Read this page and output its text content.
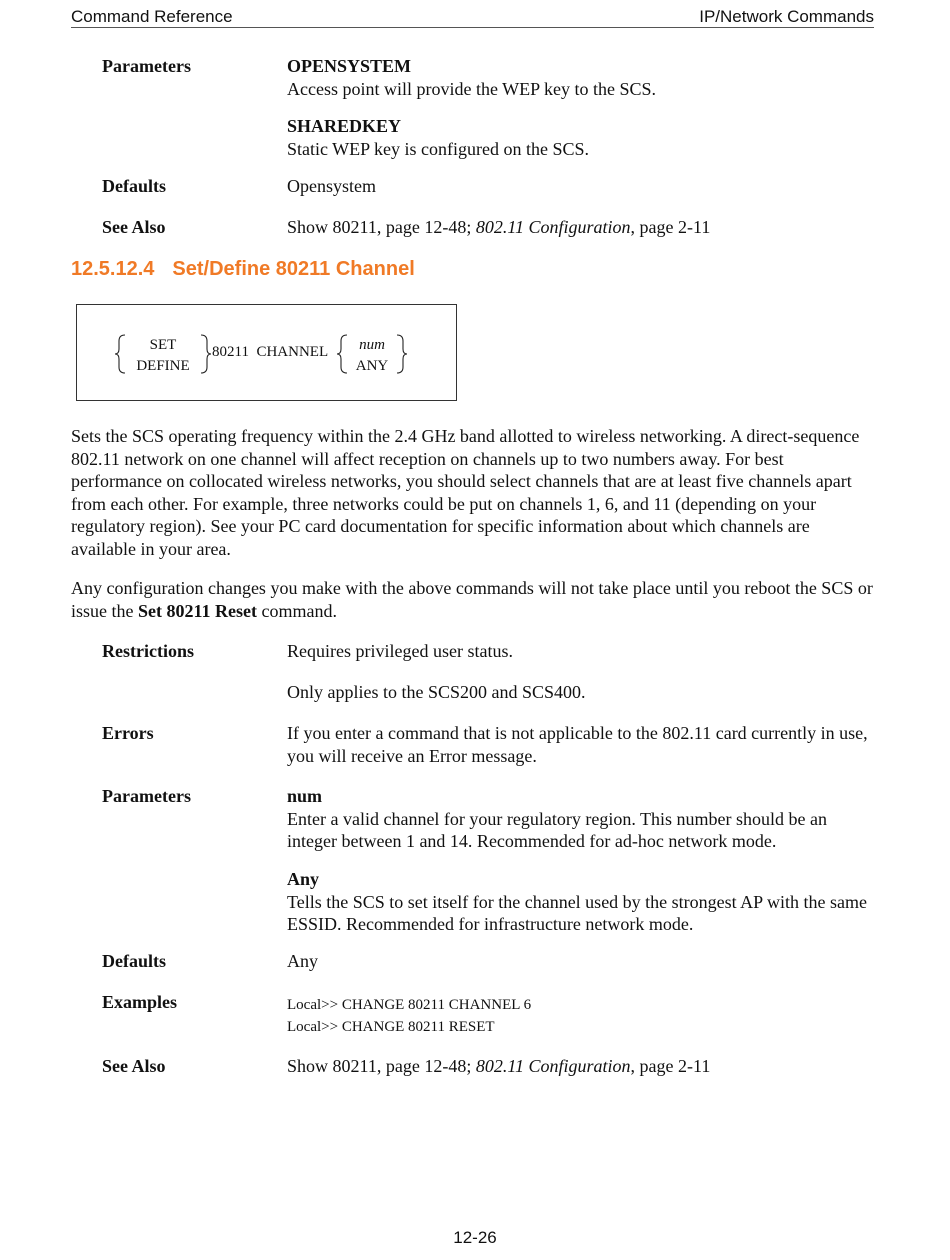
Command Reference	IP/Network Commands
Parameters	OPENSYSTEM
Access point will provide the WEP key to the SCS.
SHAREDKEY
Static WEP key is configured on the SCS.
Defaults	Opensystem
See Also	Show 80211, page 12-48; 802.11 Configuration, page 2-11
12.5.12.4 Set/Define 80211 Channel
SET
DEFINE
80211  CHANNEL	num
ANY
Sets the SCS operating frequency within the 2.4 GHz band allotted to wireless networking. A direct-sequence 802.11 network on one channel will affect reception on channels up to two numbers away. For best performance on collocated wireless networks, you should select channels that are at least five channels apart from each other. For example, three networks could be put on channels 1, 6, and 11 (depending on your regulatory region). See your PC card documentation for specific information about which channels are available in your area.
Any configuration changes you make with the above commands will not take place until you reboot the SCS or issue the Set 80211 Reset command.
Restrictions	Requires privileged user status.
Only applies to the SCS200 and SCS400.
Errors	If you enter a command that is not applicable to the 802.11 card currently in use, you will receive an Error message.
Parameters	num
Enter a valid channel for your regulatory region. This number should be an integer between 1 and 14. Recommended for ad-hoc network mode.
Any
Tells the SCS to set itself for the channel used by the strongest AP with the same ESSID. Recommended for infrastructure network mode.
Defaults	Any
Examples	Local>> CHANGE 80211 CHANNEL 6
Local>> CHANGE 80211 RESET
See Also	Show 80211, page 12-48; 802.11 Configuration, page 2-11
12-26
